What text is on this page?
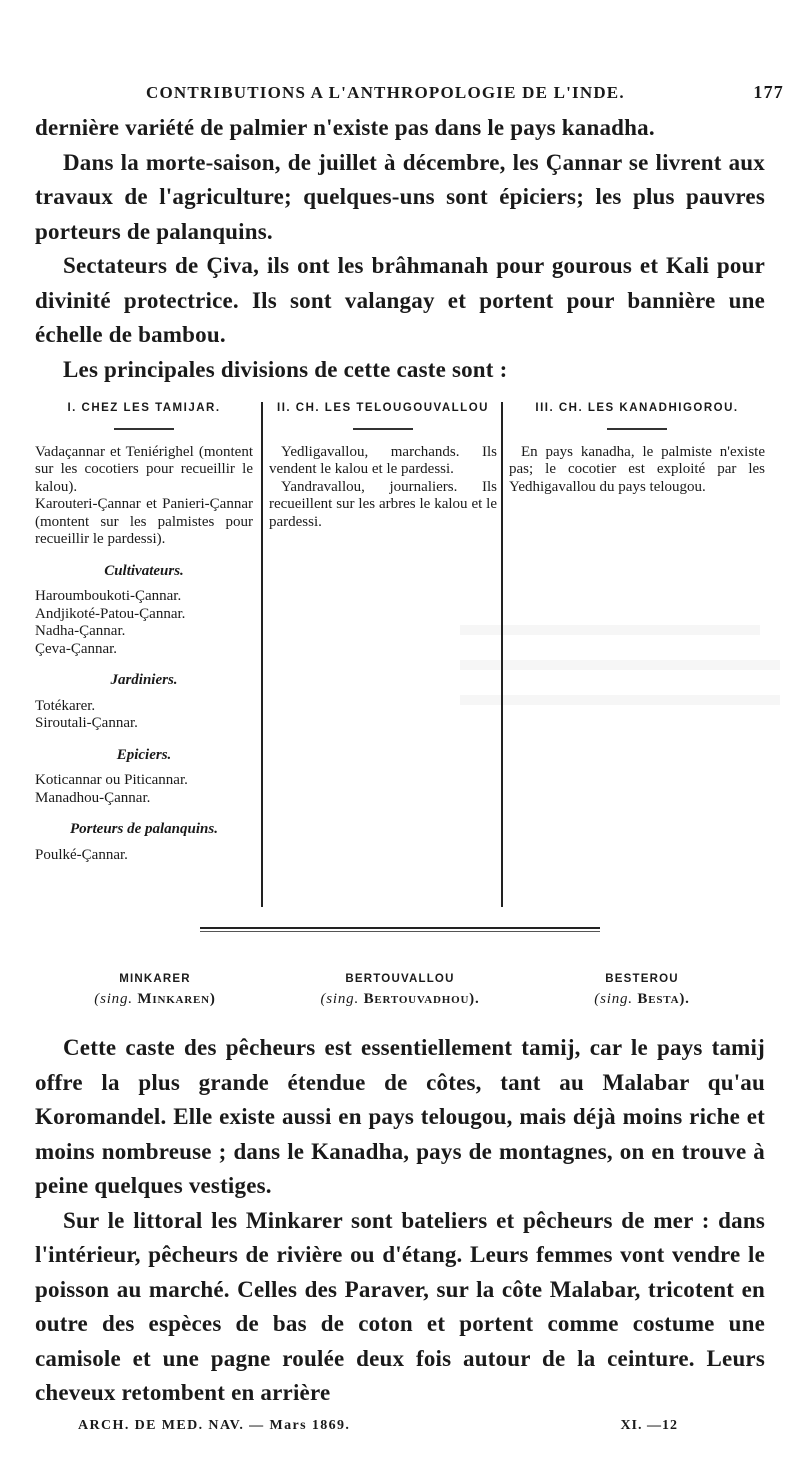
CONTRIBUTIONS A L'ANTHROPOLOGIE DE L'INDE.	177

dernière variété de palmier n'existe pas dans le pays kanadha.

Dans la morte-saison, de juillet à décembre, les Çannar se livrent aux travaux de l'agriculture; quelques-uns sont épiciers; les plus pauvres porteurs de palanquins.

Sectateurs de Çiva, ils ont les brâhmanah pour gourous et Kali pour divinité protectrice. Ils sont valangay et portent pour bannière une échelle de bambou.

Les principales divisions de cette caste sont :

I. CHEZ LES TAMIJAR.

Vadaçannar et Teniérighel (montent sur les cocotiers pour recueillir le kalou).

Karouteri-Çannar et Panieri-Çannar (montent sur les palmistes pour recueillir le pardessi).

Cultivateurs.

Haroumboukoti-Çannar.

Andjikoté-Patou-Çannar.

Nadha-Çannar.

Çeva-Çannar.

Jardiniers.

Totékarer.

Siroutali-Çannar.

Epiciers.

Koticannar ou Piticannar.

Manadhou-Çannar.

Porteurs de palanquins.

Poulké-Çannar.

II. CH. LES TELOUGOUVALLOU

Yedligavallou, marchands. Ils vendent le kalou et le pardessi.

Yandravallou, journaliers. Ils recueillent sur les arbres le kalou et le pardessi.

III. CH. LES KANADHIGOROU.

En pays kanadha, le palmiste n'existe pas; le cocotier est exploité par les Yedhigavallou du pays telougou.

MINKARER
(sing. Minkaren)
BERTOUVALLOU
(sing. Bertouvadhou).
BESTEROU
(sing. Besta).

Cette caste des pêcheurs est essentiellement tamij, car le pays tamij offre la plus grande étendue de côtes, tant au Malabar qu'au Koromandel. Elle existe aussi en pays telougou, mais déjà moins riche et moins nombreuse ; dans le Kanadha, pays de montagnes, on en trouve à peine quelques vestiges.

Sur le littoral les Minkarer sont bateliers et pêcheurs de mer : dans l'intérieur, pêcheurs de rivière ou d'étang. Leurs femmes vont vendre le poisson au marché. Celles des Paraver, sur la côte Malabar, tricotent en outre des espèces de bas de coton et portent comme costume une camisole et une pagne roulée deux fois autour de la ceinture. Leurs cheveux retombent en arrière

ARCH. DE MED. NAV. — Mars 1869.	XI. —12
